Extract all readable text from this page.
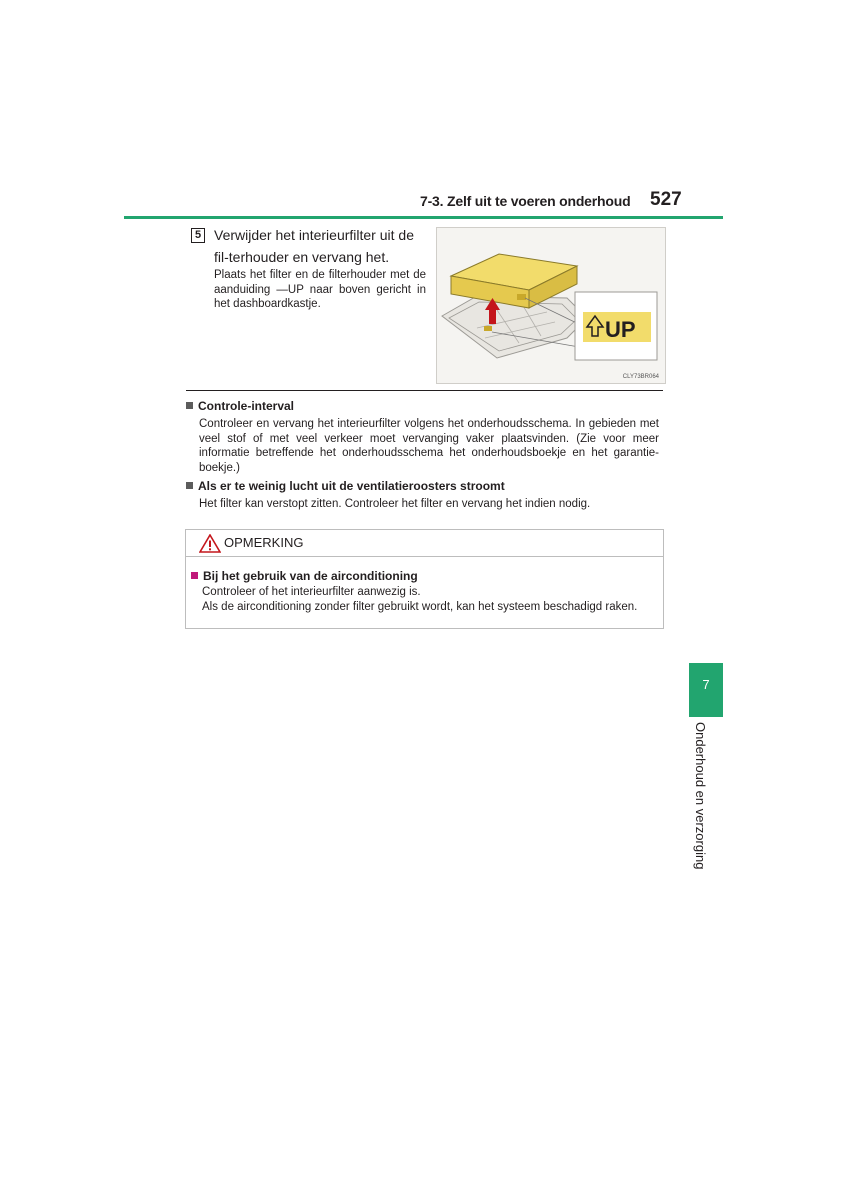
7-3. Zelf uit te voeren onderhoud 527
5 Verwijder het interieurfilter uit de fil-terhouder en vervang het.
Plaats het filter en de filterhouder met de aanduiding ―UP naar boven gericht in het dashboardkastje.
UP
CLY73BR064
Controle-interval
Controleer en vervang het interieurfilter volgens het onderhoudsschema. In gebieden met veel stof of met veel verkeer moet vervanging vaker plaatsvinden. (Zie voor meer informatie betreffende het onderhoudsschema het onderhoudsboekje en het garantie-boekje.)
Als er te weinig lucht uit de ventilatieroosters stroomt
Het filter kan verstopt zitten. Controleer het filter en vervang het indien nodig.
OPMERKING
Bij het gebruik van de airconditioning
Controleer of het interieurfilter aanwezig is.
Als de airconditioning zonder filter gebruikt wordt, kan het systeem beschadigd raken.
7
Onderhoud en verzorging
